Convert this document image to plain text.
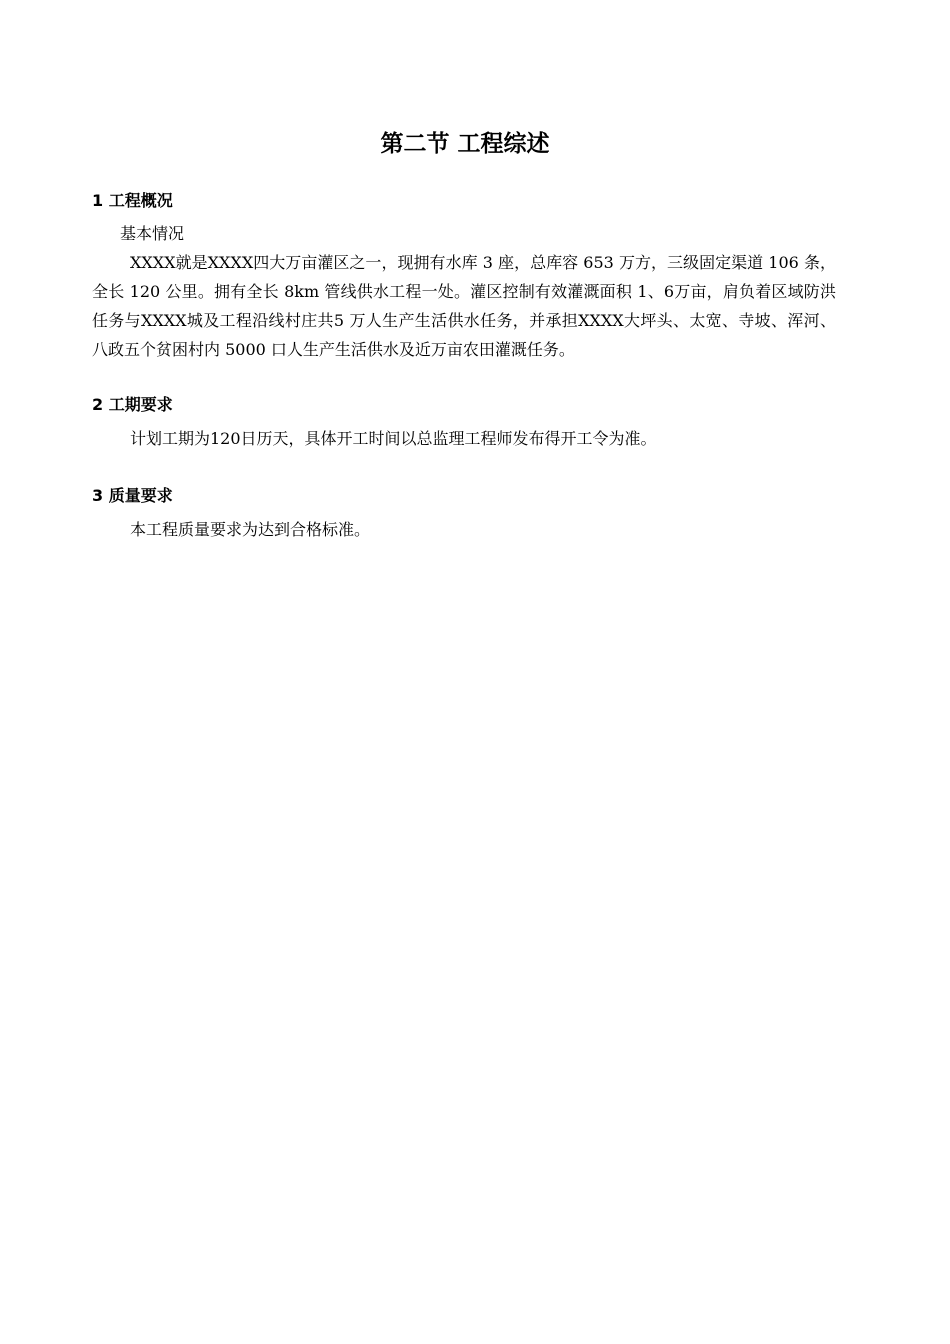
第二节 工程综述

1 工程概况

基本情况

XXXX就是XXXX四大万亩灌区之一，现拥有水库 3 座，总库容 653 万方，三级固定渠道 106 条，全长 120 公里。拥有全长 8km 管线供水工程一处。灌区控制有效灌溉面积 1、6万亩，肩负着区域防洪任务与XXXX城及工程沿线村庄共5 万人生产生活供水任务，并承担XXXX大坪头、太宽、寺坡、浑河、八政五个贫困村内 5000 口人生产生活供水及近万亩农田灌溉任务。

2 工期要求

计划工期为120日历天，具体开工时间以总监理工程师发布得开工令为准。

3 质量要求

本工程质量要求为达到合格标准。
